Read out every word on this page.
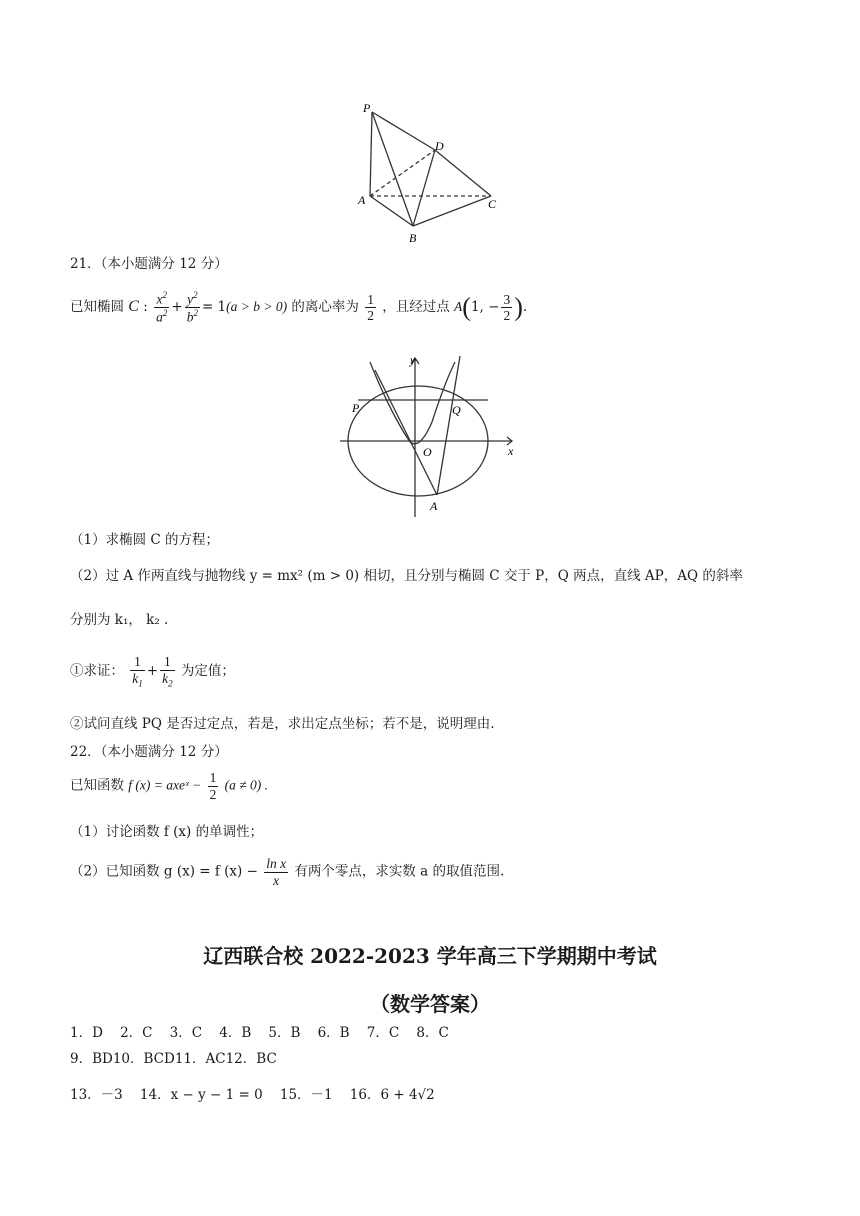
P
D
A
B
C
21．（本小题满分 12 分）
已知椭圆 C : $\frac{x^2}{a^2} + \frac{y^2}{b^2} = 1(a > b > 0)$ 的离心率为 $\frac{1}{2}$ ，且经过点 A(1, − $\frac{3}{2}$ ).
y
x
P	Q
O
A
（1）求椭圆 C 的方程；
（2）过 A 作两直线与抛物线 y = mx² (m > 0) 相切，且分别与椭圆 C 交于 P，Q 两点，直线 AP，AQ 的斜率
分别为 k₁， k₂ .
①求证： $\frac{1}{k_1} + \frac{1}{k_2}$ 为定值；
②试问直线 PQ 是否过定点，若是，求出定点坐标；若不是，说明理由.
22．（本小题满分 12 分）
已知函数 f (x) = axeˣ − $\frac{1}{2} (a \ne 0)$ .
（1）讨论函数 f (x) 的单调性；
（2）已知函数 g (x) = f $(x) - \frac{\text{ln x}}{x}$ 有两个零点，求实数 a 的取值范围.
辽西联合校 2022-2023 学年高三下学期期中考试
（数学答案）
1．D    2．C    3．C    4．B    5．B    6．B    7．C    8．C
9．BD10．BCD11．AC12．BC
13．－3    14．x − y − 1 = 0    15．－1    16．6 + 4√2
